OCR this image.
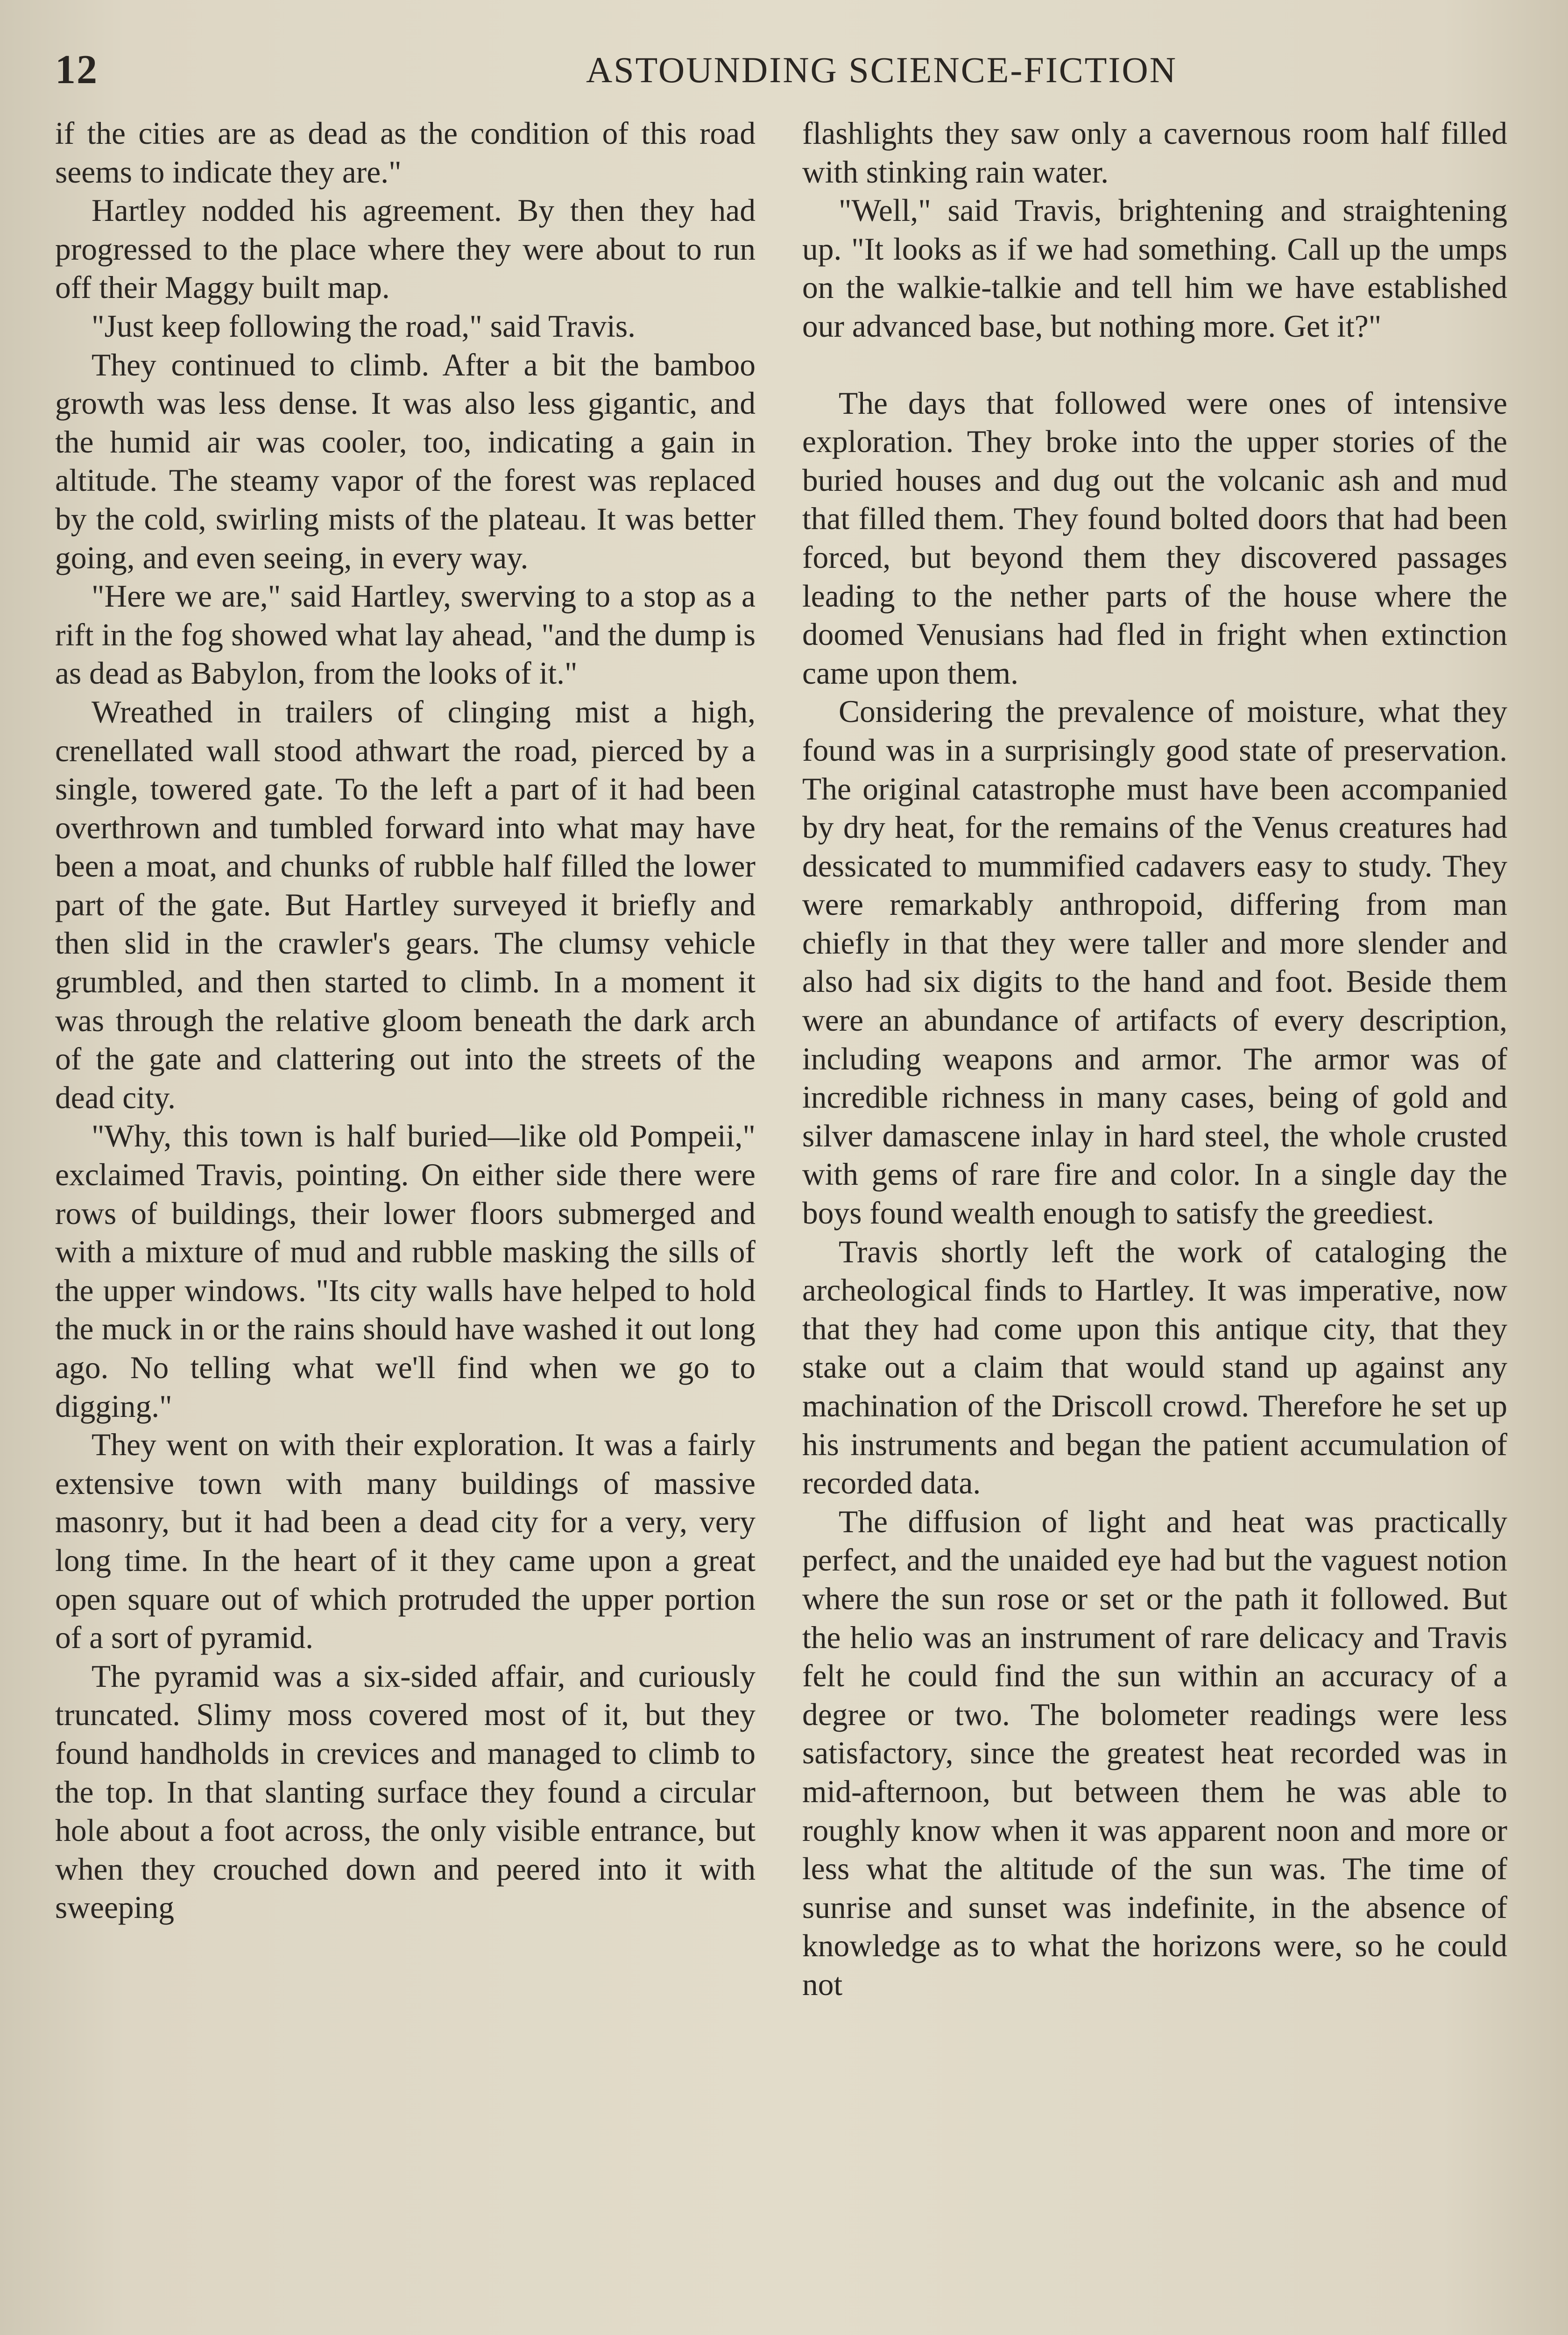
12	ASTOUNDING SCIENCE-FICTION

if the cities are as dead as the condition of this road seems to indicate they are."

Hartley nodded his agreement. By then they had progressed to the place where they were about to run off their Maggy built map.

"Just keep following the road," said Travis.

They continued to climb. After a bit the bamboo growth was less dense. It was also less gigantic, and the humid air was cooler, too, indicating a gain in altitude. The steamy vapor of the forest was replaced by the cold, swirling mists of the plateau. It was better going, and even seeing, in every way.

"Here we are," said Hartley, swerving to a stop as a rift in the fog showed what lay ahead, "and the dump is as dead as Babylon, from the looks of it."

Wreathed in trailers of clinging mist a high, crenellated wall stood athwart the road, pierced by a single, towered gate. To the left a part of it had been overthrown and tumbled forward into what may have been a moat, and chunks of rubble half filled the lower part of the gate. But Hartley surveyed it briefly and then slid in the crawler's gears. The clumsy vehicle grumbled, and then started to climb. In a moment it was through the relative gloom beneath the dark arch of the gate and clattering out into the streets of the dead city.

"Why, this town is half buried—like old Pompeii," exclaimed Travis, pointing. On either side there were rows of buildings, their lower floors submerged and with a mixture of mud and rubble masking the sills of the upper windows. "Its city walls have helped to hold the muck in or the rains should have washed it out long ago. No telling what we'll find when we go to digging."

They went on with their exploration. It was a fairly extensive town with many buildings of massive masonry, but it had been a dead city for a very, very long time. In the heart of it they came upon a great open square out of which protruded the upper portion of a sort of pyramid.

The pyramid was a six-sided affair, and curiously truncated. Slimy moss covered most of it, but they found handholds in crevices and managed to climb to the top. In that slanting surface they found a circular hole about a foot across, the only visible entrance, but when they crouched down and peered into it with sweeping

flashlights they saw only a cavernous room half filled with stinking rain water.

"Well," said Travis, brightening and straightening up. "It looks as if we had something. Call up the umps on the walkie-talkie and tell him we have established our advanced base, but nothing more. Get it?"

The days that followed were ones of intensive exploration. They broke into the upper stories of the buried houses and dug out the volcanic ash and mud that filled them. They found bolted doors that had been forced, but beyond them they discovered passages leading to the nether parts of the house where the doomed Venusians had fled in fright when extinction came upon them.

Considering the prevalence of moisture, what they found was in a surprisingly good state of preservation. The original catastrophe must have been accompanied by dry heat, for the remains of the Venus creatures had dessicated to mummified cadavers easy to study. They were remarkably anthropoid, differing from man chiefly in that they were taller and more slender and also had six digits to the hand and foot. Beside them were an abundance of artifacts of every description, including weapons and armor. The armor was of incredible richness in many cases, being of gold and silver damascene inlay in hard steel, the whole crusted with gems of rare fire and color. In a single day the boys found wealth enough to satisfy the greediest.

Travis shortly left the work of cataloging the archeological finds to Hartley. It was imperative, now that they had come upon this antique city, that they stake out a claim that would stand up against any machination of the Driscoll crowd. Therefore he set up his instruments and began the patient accumulation of recorded data.

The diffusion of light and heat was practically perfect, and the unaided eye had but the vaguest notion where the sun rose or set or the path it followed. But the helio was an instrument of rare delicacy and Travis felt he could find the sun within an accuracy of a degree or two. The bolometer readings were less satisfactory, since the greatest heat recorded was in mid-afternoon, but between them he was able to roughly know when it was apparent noon and more or less what the altitude of the sun was. The time of sunrise and sunset was indefinite, in the absence of knowledge as to what the horizons were, so he could not
